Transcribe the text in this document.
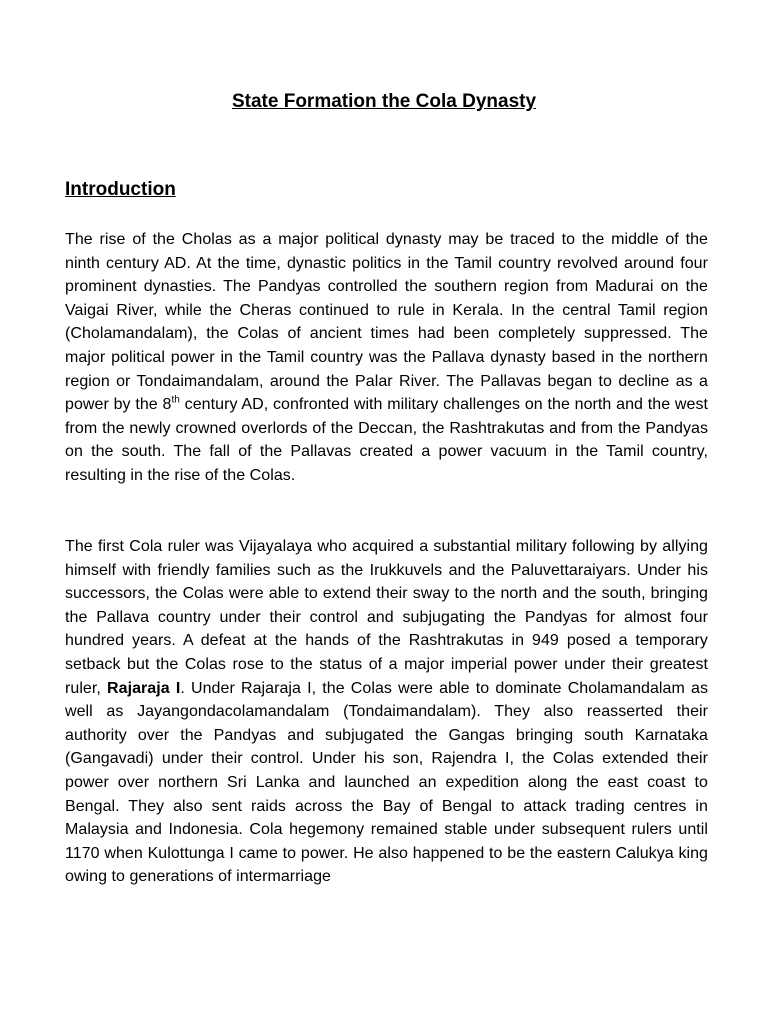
State Formation the Cola Dynasty
Introduction

The rise of the Cholas as a major political dynasty may be traced to the middle of the ninth century AD. At the time, dynastic politics in the Tamil country revolved around four prominent dynasties. The Pandyas controlled the southern region from Madurai on the Vaigai River, while the Cheras continued to rule in Kerala. In the central Tamil region (Cholamandalam), the Colas of ancient times had been completely suppressed. The major political power in the Tamil country was the Pallava dynasty based in the northern region or Tondaimandalam, around the Palar River. The Pallavas began to decline as a power by the 8th century AD, confronted with military challenges on the north and the west from the newly crowned overlords of the Deccan, the Rashtrakutas and from the Pandyas on the south. The fall of the Pallavas created a power vacuum in the Tamil country, resulting in the rise of the Colas.

The first Cola ruler was Vijayalaya who acquired a substantial military following by allying himself with friendly families such as the Irukkuvels and the Paluvettaraiyars. Under his successors, the Colas were able to extend their sway to the north and the south, bringing the Pallava country under their control and subjugating the Pandyas for almost four hundred years. A defeat at the hands of the Rashtrakutas in 949 posed a temporary setback but the Colas rose to the status of a major imperial power under their greatest ruler, Rajaraja I. Under Rajaraja I, the Colas were able to dominate Cholamandalam as well as Jayangondacolamandalam (Tondaimandalam). They also reasserted their authority over the Pandyas and subjugated the Gangas bringing south Karnataka (Gangavadi) under their control. Under his son, Rajendra I, the Colas extended their power over northern Sri Lanka and launched an expedition along the east coast to Bengal. They also sent raids across the Bay of Bengal to attack trading centres in Malaysia and Indonesia. Cola hegemony remained stable under subsequent rulers until 1170 when Kulottunga I came to power. He also happened to be the eastern Calukya king owing to generations of intermarriage
